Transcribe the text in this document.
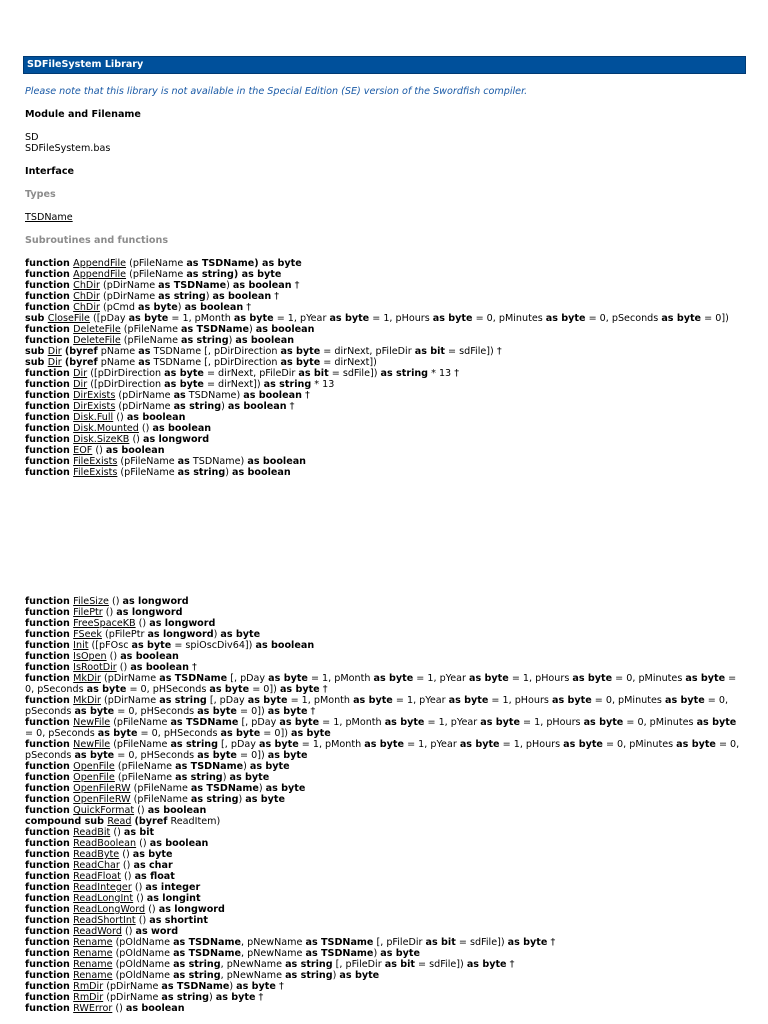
SDFileSystem Library
Please note that this library is not available in the Special Edition (SE) version of the Swordfish compiler.
Module and Filename
SD
SDFileSystem.bas
Interface
Types
TSDName
Subroutines and functions
function AppendFile (pFileName as TSDName) as byte
function AppendFile (pFileName as string) as byte
function ChDir (pDirName as TSDName) as boolean †
function ChDir (pDirName as string) as boolean †
function ChDir (pCmd as byte) as boolean †
sub CloseFile ([pDay as byte = 1, pMonth as byte = 1, pYear as byte = 1, pHours as byte = 0, pMinutes as byte = 0, pSeconds as byte = 0])
function DeleteFile (pFileName as TSDName) as boolean
function DeleteFile (pFileName as string) as boolean
sub Dir (byref pName as TSDName [, pDirDirection as byte = dirNext, pFileDir as bit = sdFile]) †
sub Dir (byref pName as TSDName [, pDirDirection as byte = dirNext])
function Dir ([pDirDirection as byte = dirNext, pFileDir as bit = sdFile]) as string * 13 †
function Dir ([pDirDirection as byte = dirNext]) as string * 13
function DirExists (pDirName as TSDName) as boolean †
function DirExists (pDirName as string) as boolean †
function Disk.Full () as boolean
function Disk.Mounted () as boolean
function Disk.SizeKB () as longword
function EOF () as boolean
function FileExists (pFileName as TSDName) as boolean
function FileExists (pFileName as string) as boolean
function FileSize () as longword
function FilePtr () as longword
function FreeSpaceKB () as longword
function FSeek (pFilePtr as longword) as byte
function Init ([pFOsc as byte = spiOscDiv64]) as boolean
function IsOpen () as boolean
function IsRootDir () as boolean †
function MkDir (pDirName as TSDName [, pDay as byte = 1, pMonth as byte = 1, pYear as byte = 1, pHours as byte = 0, pMinutes as byte = 0, pSeconds as byte = 0, pHSeconds as byte = 0]) as byte †
function MkDir (pDirName as string [, pDay as byte = 1, pMonth as byte = 1, pYear as byte = 1, pHours as byte = 0, pMinutes as byte = 0, pSeconds as byte = 0, pHSeconds as byte = 0]) as byte †
function NewFile (pFileName as TSDName [, pDay as byte = 1, pMonth as byte = 1, pYear as byte = 1, pHours as byte = 0, pMinutes as byte = 0, pSeconds as byte = 0, pHSeconds as byte = 0]) as byte
function NewFile (pFileName as string [, pDay as byte = 1, pMonth as byte = 1, pYear as byte = 1, pHours as byte = 0, pMinutes as byte = 0, pSeconds as byte = 0, pHSeconds as byte = 0]) as byte
function OpenFile (pFileName as TSDName) as byte
function OpenFile (pFileName as string) as byte
function OpenFileRW (pFileName as TSDName) as byte
function OpenFileRW (pFileName as string) as byte
function QuickFormat () as boolean
compound sub Read (byref ReadItem)
function ReadBit () as bit
function ReadBoolean () as boolean
function ReadByte () as byte
function ReadChar () as char
function ReadFloat () as float
function ReadInteger () as integer
function ReadLongInt () as longint
function ReadLongWord () as longword
function ReadShortInt () as shortint
function ReadWord () as word
function Rename (pOldName as TSDName, pNewName as TSDName [, pFileDir as bit = sdFile]) as byte †
function Rename (pOldName as TSDName, pNewName as TSDName) as byte
function Rename (pOldName as string, pNewName as string [, pFileDir as bit = sdFile]) as byte †
function Rename (pOldName as string, pNewName as string) as byte
function RmDir (pDirName as TSDName) as byte †
function RmDir (pDirName as string) as byte †
function RWError () as boolean
